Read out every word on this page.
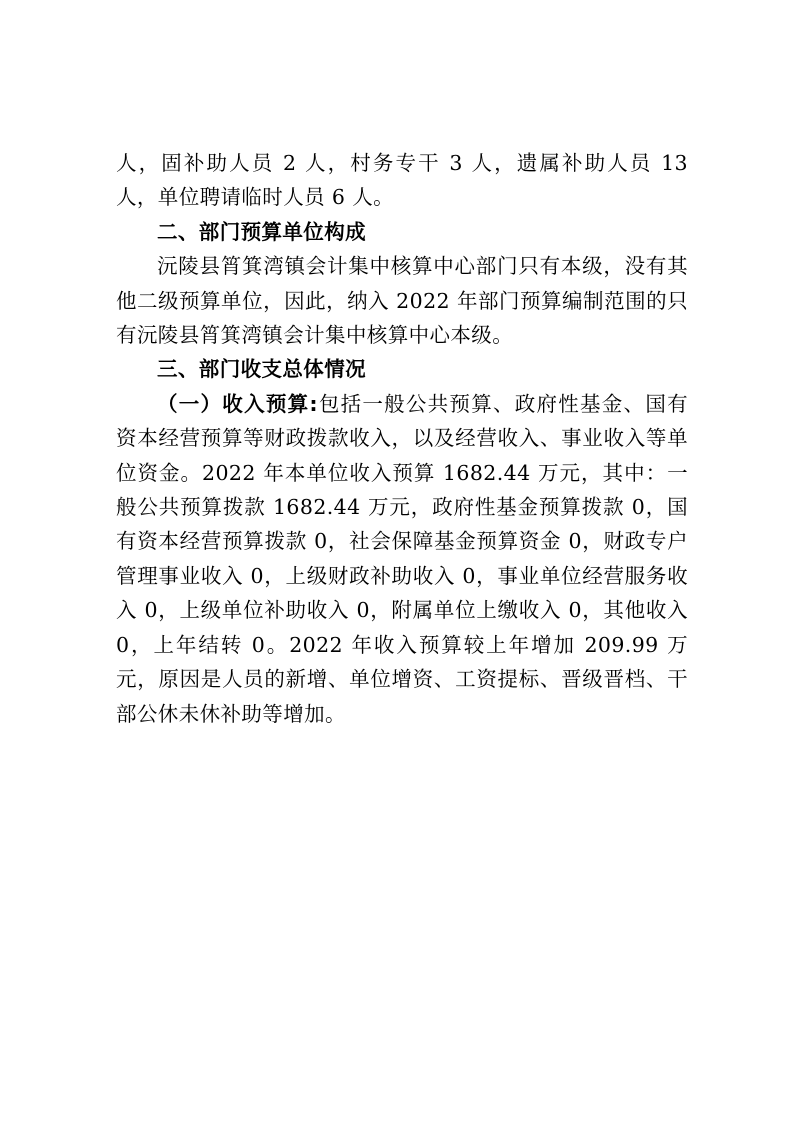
人，固补助人员 2 人，村务专干 3 人，遗属补助人员 13 人，单位聘请临时人员 6 人。

二、部门预算单位构成

沅陵县筲箕湾镇会计集中核算中心部门只有本级，没有其他二级预算单位，因此，纳入 2022 年部门预算编制范围的只有沅陵县筲箕湾镇会计集中核算中心本级。

三、部门收支总体情况

（一）收入预算:包括一般公共预算、政府性基金、国有资本经营预算等财政拨款收入，以及经营收入、事业收入等单位资金。2022 年本单位收入预算 1682.44 万元，其中：一般公共预算拨款 1682.44 万元，政府性基金预算拨款 0，国有资本经营预算拨款 0，社会保障基金预算资金 0，财政专户管理事业收入 0，上级财政补助收入 0，事业单位经营服务收入 0，上级单位补助收入 0，附属单位上缴收入 0，其他收入 0，上年结转 0。2022 年收入预算较上年增加 209.99 万元，原因是人员的新增、单位增资、工资提标、晋级晋档、干部公休未休补助等增加。
